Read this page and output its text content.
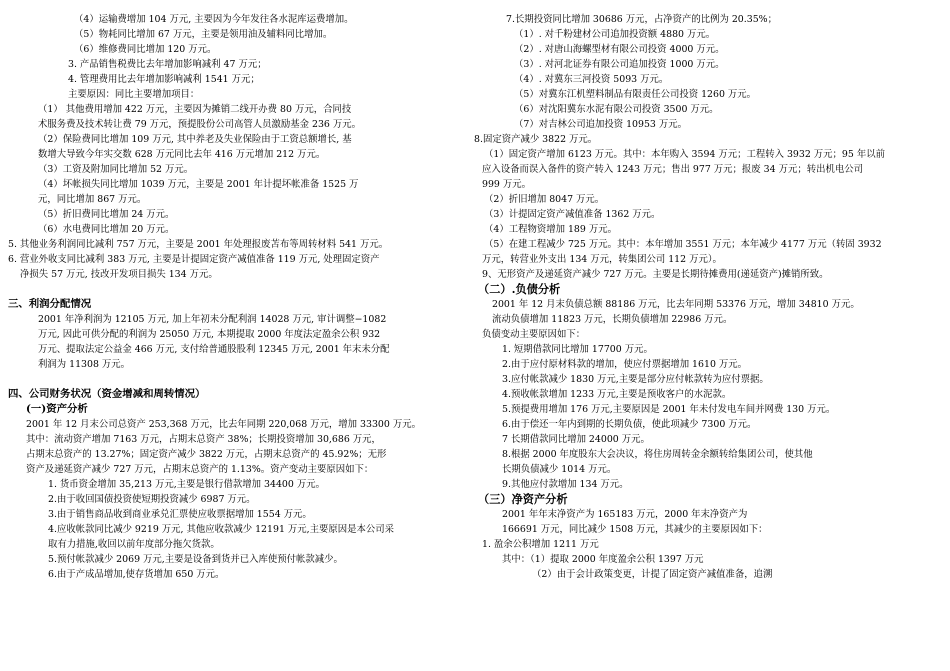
（4）运输费增加 104 万元, 主要因为今年发往各水泥库运费增加。
（5）物耗同比增加 67 万元，主要是领用油及辅料同比增加。
（6）维修费同比增加 120 万元。
3. 产品销售税费比去年增加影响减利 47 万元；
4. 管理费用比去年增加影响减利 1541 万元；
主要原因：同比主要增加项目：
（1） 其他费用增加 422 万元，主要因为摊销二线开办费 80 万元，合同技
术服务费及技术转让费 79 万元，预提股份公司高管人员激励基金 236 万元。
（2）保险费同比增加 109 万元, 其中养老及失业保险由于工资总额增长, 基
数增大导致今年实交数 628 万元同比去年 416 万元增加 212 万元。
（3）工资及附加同比增加 52 万元。
（4）坏帐损失同比增加 1039 万元，主要是 2001 年计提坏帐准备 1525 万
元，同比增加 867 万元。
（5）折旧费同比增加 24 万元。
（6）水电费同比增加 20 万元。
5. 其他业务利润同比减利 757 万元，主要是 2001 年处理报废苫布等周转材料 541 万元。
6. 营业外收支同比减利 383 万元, 主要是计提固定资产减值准备 119 万元, 处理固定资产
净损失 57 万元, 技改开发项目损失 134 万元。
三、利润分配情况
2001 年净利润为 12105 万元, 加上年初未分配利润 14028 万元, 审计调整−1082
万元, 因此可供分配的利润为 25050 万元, 本期提取 2000 年度法定盈余公积 932
万元、提取法定公益金 466 万元, 支付给普通股股利 12345 万元, 2001 年末未分配
利润为 11308 万元。
四、公司财务状况（资金增减和周转情况）
(一)资产分析
2001 年 12 月末公司总资产 253,368 万元，比去年同期 220,068 万元，增加 33300 万元。
其中：流动资产增加 7163 万元，占期末总资产 38%；长期投资增加 30,686 万元，
占期末总资产的 13.27%；固定资产减少 3822 万元，占期末总资产的 45.92%；无形
资产及递延资产减少 727 万元，占期末总资产的 1.13%。资产变动主要原因如下：
1. 货币资金增加 35,213 万元,主要是银行借款增加 34400 万元。
2.由于收回国债投资使短期投资减少 6987 万元。
3.由于销售商品收到商业承兑汇票使应收票据增加 1554 万元。
4.应收帐款同比减少 9219 万元, 其他应收款减少 12191 万元,主要原因是本公司采
取有力措施,收回以前年度部分拖欠货款。
5.预付帐款减少 2069 万元,主要是设备到货并已入库使预付帐款减少。
6.由于产成品增加,使存货增加 650 万元。
7.长期投资同比增加 30686 万元，占净资产的比例为 20.35%；
（1）. 对千粉建材公司追加投资额 4880 万元。
（2）. 对唐山海螺型材有限公司投资 4000 万元。
（3）. 对河北证券有限公司追加投资 1000 万元。
（4）. 对冀东三河投资 5093 万元。
（5）对冀东江机塑料制品有限责任公司投资 1260 万元。
（6）对沈阳冀东水泥有限公司投资 3500 万元。
（7）对吉林公司追加投资 10953 万元。
8.固定资产减少 3822 万元。
（1）固定资产增加 6123 万元。其中：本年购入 3594 万元；工程转入 3932 万元；95 年以前
应入设备而误入备件的资产转入 1243 万元；售出 977 万元；报废 34 万元；转出机电公司
999 万元。
（2）折旧增加 8047 万元。
（3）计提固定资产减值准备 1362 万元。
（4）工程物资增加 189 万元。
（5）在建工程减少 725 万元。其中：本年增加 3551 万元；本年减少 4177 万元（转固 3932
万元，转营业外支出 134 万元，转集团公司 112 万元）。
9、无形资产及递延资产减少 727 万元。主要是长期待摊费用(递延资产)摊销所致。
（二）.负债分析
2001 年 12 月末负债总额 88186 万元，比去年同期 53376 万元，增加 34810 万元。
流动负债增加 11823 万元，长期负债增加 22986 万元。
负债变动主要原因如下：
1. 短期借款同比增加 17700 万元。
2.由于应付原材料款的增加，使应付票据增加 1610 万元。
3.应付帐款减少 1830 万元,主要是部分应付帐款转为应付票据。
4.预收帐款增加 1233 万元,主要是预收客户的水泥款。
5.预提费用增加 176 万元,主要原因是 2001 年未付发电车间并网费 130 万元。
6.由于偿还一年内到期的长期负债，使此项减少 7300 万元。
7 长期借款同比增加 24000 万元。
8.根据 2000 年度股东大会决议，将住房周转金余额转给集团公司，使其他
长期负债减少 1014 万元。
9.其他应付款增加 134 万元。
（三）净资产分析
2001 年年末净资产为 165183 万元，2000 年末净资产为
166691 万元，同比减少 1508 万元，其减少的主要原因如下：
1. 盈余公积增加 1211 万元
其中：（1）提取 2000 年度盈余公积 1397 万元
（2）由于会计政策变更，计提了固定资产减值准备，追溯
